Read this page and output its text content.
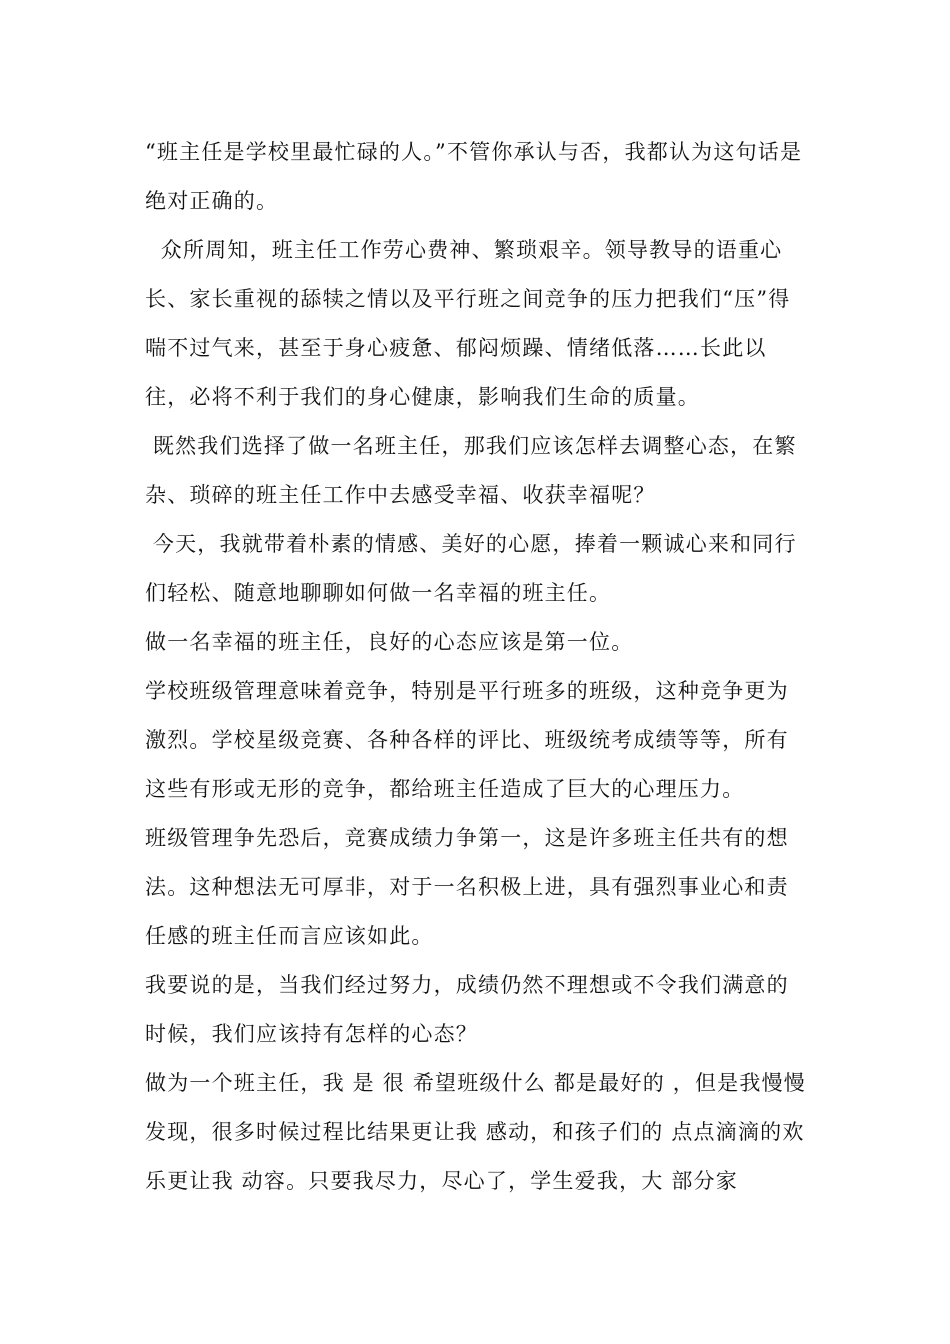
“班主任是学校里最忙碌的人。”不管你承认与否，我都认为这句话是绝对正确的。

众所周知，班主任工作劳心费神、繁琐艰辛。领导教导的语重心长、家长重视的舔犊之情以及平行班之间竞争的压力把我们“压”得喘不过气来，甚至于身心疲惫、郁闷烦躁、情绪低落……长此以往，必将不利于我们的身心健康，影响我们生命的质量。

既然我们选择了做一名班主任，那我们应该怎样去调整心态，在繁杂、琐碎的班主任工作中去感受幸福、收获幸福呢？

今天，我就带着朴素的情感、美好的心愿，捧着一颗诚心来和同行们轻松、随意地聊聊如何做一名幸福的班主任。

做一名幸福的班主任，良好的心态应该是第一位。

学校班级管理意味着竞争，特别是平行班多的班级，这种竞争更为激烈。学校星级竞赛、各种各样的评比、班级统考成绩等等，所有这些有形或无形的竞争，都给班主任造成了巨大的心理压力。

班级管理争先恐后，竞赛成绩力争第一，这是许多班主任共有的想法。这种想法无可厚非，对于一名积极上进，具有强烈事业心和责任感的班主任而言应该如此。

我要说的是，当我们经过努力，成绩仍然不理想或不令我们满意的时候，我们应该持有怎样的心态？

做为一个班主任，我 是 很 希望班级什么 都是最好的 ，但是我慢慢发现，很多时候过程比结果更让我 感动，和孩子们的 点点滴滴的欢乐更让我 动容。只要我尽力，尽心了，学生爱我，大 部分家
